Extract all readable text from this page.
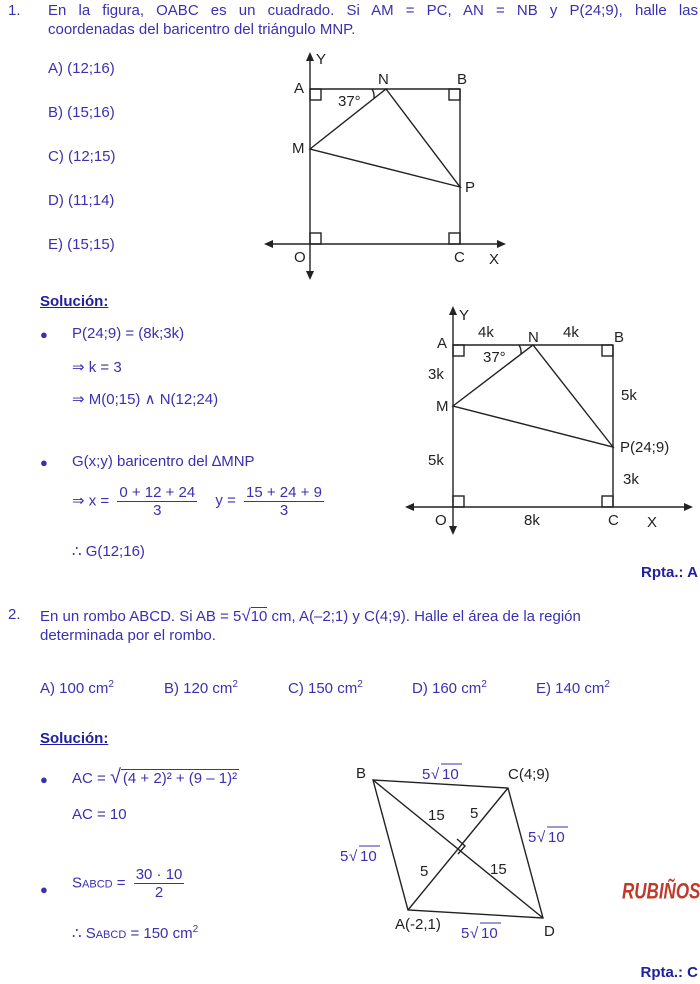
1. En la figura, OABC es un cuadrado. Si AM = PC, AN = NB y P(24;9), halle las
coordenadas del baricentro del triángulo MNP.
A) (12;16)
B) (15;16)
C) (12;15)
D) (11;14)
E) (15;15)
Y
A
N	B
37°
M
P
O	C X
Solución:
● P(24;9) = (8k;3k)
⇒ k = 3
⇒ M(0;15) ∧ N(12;24)
● G(x;y) baricentro del ∆MNP
⇒ $x = \frac{0 + 12 + 24}{3}$ $y = \frac{15 + 24 + 9}{3}$
∴ G(12;16)
Y
A
4k N 4k B
37°
3k
M
5k
P(24;9)
5k
3k
O	8k	C X
Rpta.: A
2. En un rombo ABCD. Si AB = 5√10 cm, A(–2;1) y C(4;9). Halle el área de la región
determinada por el rombo.
A) 100 $cm^2$	B) 120 $cm^2$	C) 150 $cm^2$	D) 160 $cm^2$	E) 140 $cm^2$
Solución:
● AC = √ (4 + 2)² + (9 – 1)²
AC = 10
● SABCD = $\frac{30 \cdot 10}{2}$
∴ SABCD = 150 $cm^2$
B	C(4;9)
15 5
5	15
A(-2,1)	D
5 √ 10
5 √ 10
5 √ 10
5 √ 10
RUBIÑOS
Rpta.: C
